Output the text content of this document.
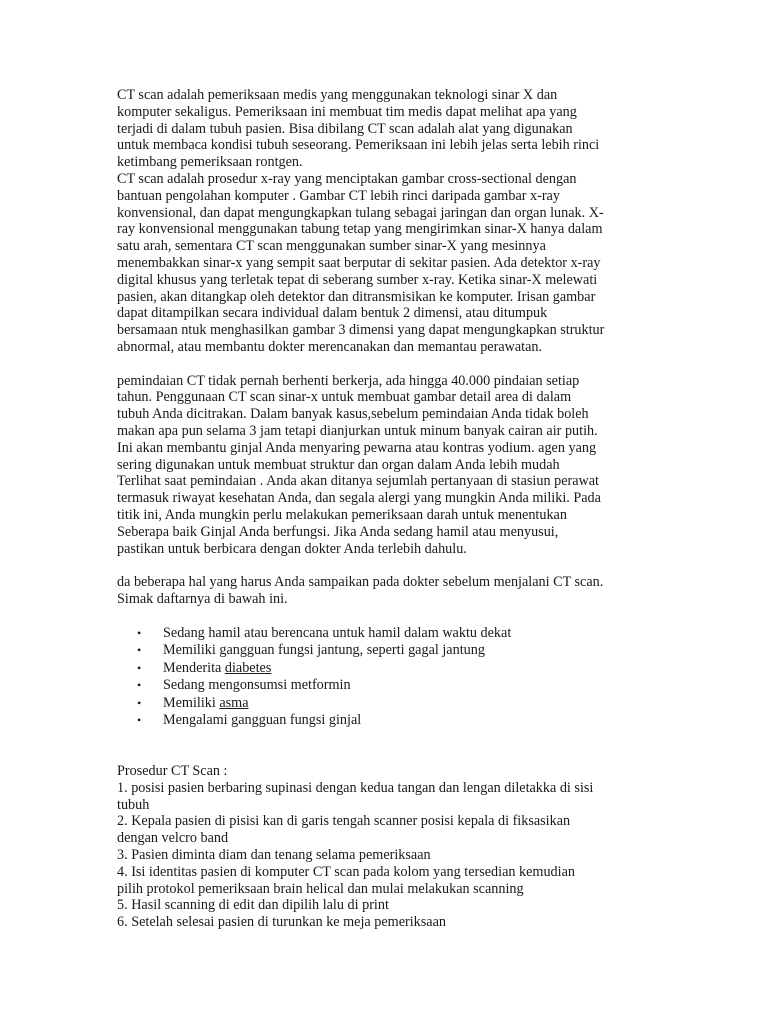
CT scan adalah pemeriksaan medis yang menggunakan teknologi sinar X dan
komputer sekaligus. Pemeriksaan ini membuat tim medis dapat melihat apa yang
terjadi di dalam tubuh pasien. Bisa dibilang CT scan adalah alat yang digunakan
untuk membaca kondisi tubuh seseorang. Pemeriksaan ini lebih jelas serta lebih rinci
ketimbang pemeriksaan rontgen.
CT scan adalah prosedur x-ray yang menciptakan gambar cross-sectional dengan
bantuan pengolahan komputer . Gambar CT lebih rinci daripada gambar x-ray
konvensional, dan dapat mengungkapkan tulang sebagai jaringan dan organ lunak. X-
ray konvensional menggunakan tabung tetap yang mengirimkan sinar-X hanya dalam
satu arah, sementara CT scan menggunakan sumber sinar-X yang mesinnya
menembakkan sinar-x yang sempit saat berputar di sekitar pasien. Ada detektor x-ray
digital khusus yang terletak tepat di seberang sumber x-ray. Ketika sinar-X melewati
pasien, akan ditangkap oleh detektor dan ditransmisikan ke komputer. Irisan gambar
dapat ditampilkan secara individual dalam bentuk 2 dimensi, atau ditumpuk
bersamaan ntuk menghasilkan gambar 3 dimensi yang dapat mengungkapkan struktur
abnormal, atau membantu dokter merencanakan dan memantau perawatan.

pemindaian CT tidak pernah berhenti berkerja, ada hingga 40.000 pindaian setiap
tahun. Penggunaan CT scan sinar-x untuk membuat gambar detail area di dalam
tubuh Anda dicitrakan. Dalam banyak kasus,sebelum pemindaian Anda tidak boleh
makan apa pun selama 3 jam tetapi dianjurkan untuk minum banyak cairan air putih.
Ini akan membantu ginjal Anda menyaring pewarna atau kontras yodium. agen yang
sering digunakan untuk membuat struktur dan organ dalam Anda lebih mudah
Terlihat saat pemindaian . Anda akan ditanya sejumlah pertanyaan di stasiun perawat
termasuk riwayat kesehatan Anda, dan segala alergi yang mungkin Anda miliki. Pada
titik ini, Anda mungkin perlu melakukan pemeriksaan darah untuk menentukan
Seberapa baik Ginjal Anda berfungsi. Jika Anda sedang hamil atau menyusui,
pastikan untuk berbicara dengan dokter Anda terlebih dahulu.

da beberapa hal yang harus Anda sampaikan pada dokter sebelum menjalani CT scan.
Simak daftarnya di bawah ini.

• Sedang hamil atau berencana untuk hamil dalam waktu dekat
• Memiliki gangguan fungsi jantung, seperti gagal jantung
• Menderita diabetes
• Sedang mengonsumsi metformin
• Memiliki asma
• Mengalami gangguan fungsi ginjal
Prosedur CT Scan :
1. posisi pasien berbaring supinasi dengan kedua tangan dan lengan diletakka di sisi
tubuh
2. Kepala pasien di pisisi kan di garis tengah scanner posisi kepala di fiksasikan
dengan velcro band
3. Pasien diminta diam dan tenang selama pemeriksaan
4. Isi identitas pasien di komputer CT scan pada kolom yang tersedian kemudian
pilih protokol pemeriksaan brain helical dan mulai melakukan scanning
5. Hasil scanning di edit dan dipilih lalu di print
6. Setelah selesai pasien di turunkan ke meja pemeriksaan
